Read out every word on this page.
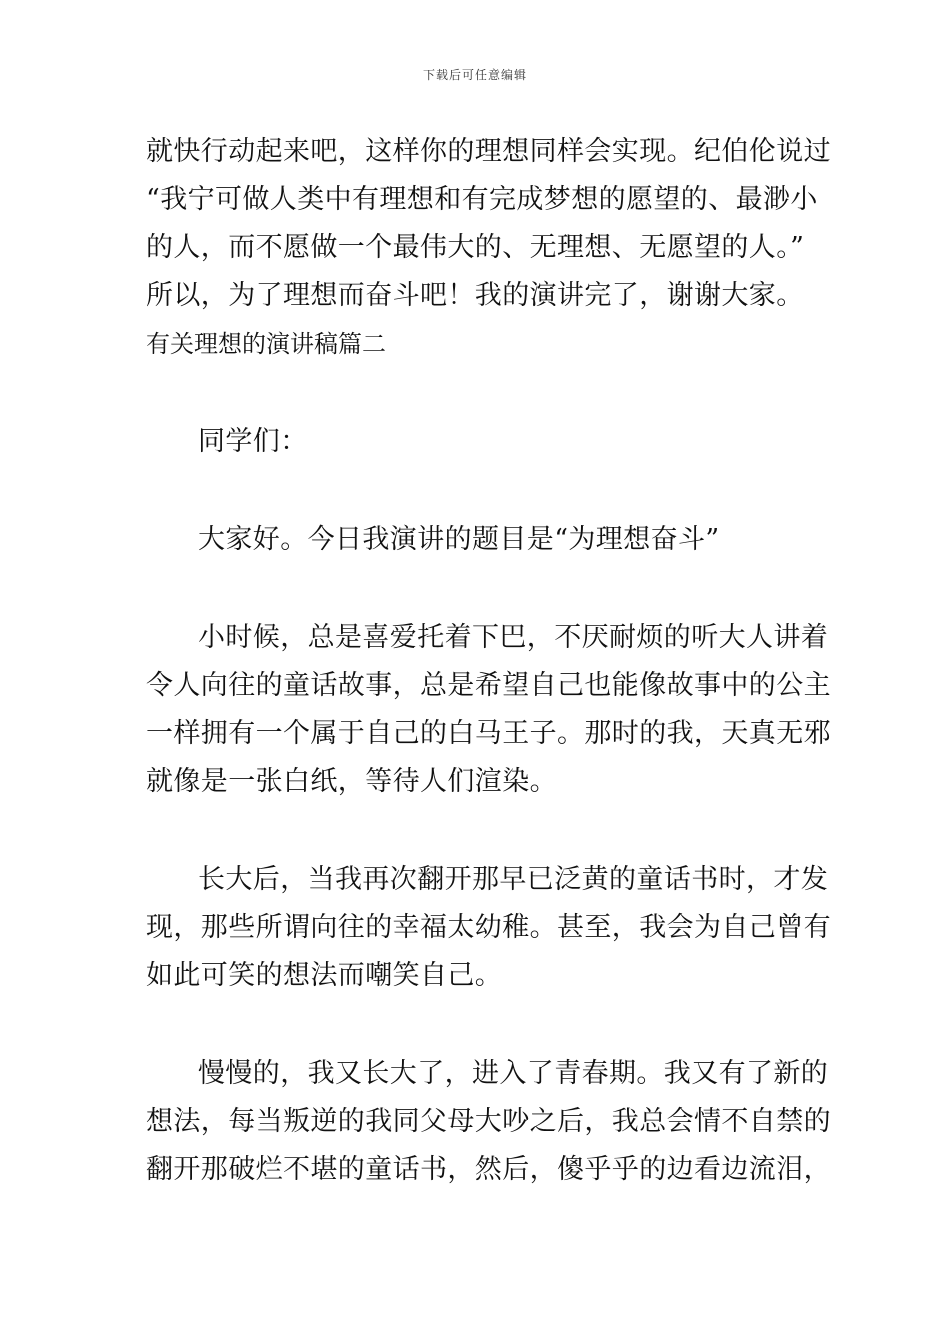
下载后可任意编辑
就快行动起来吧，这样你的理想同样会实现。纪伯伦说过
“我宁可做人类中有理想和有完成梦想的愿望的、最渺小
的人，而不愿做一个最伟大的、无理想、无愿望的人。”
所以，为了理想而奋斗吧！我的演讲完了，谢谢大家。
有关理想的演讲稿篇二
同学们：
大家好。今日我演讲的题目是“为理想奋斗”
小时候，总是喜爱托着下巴，不厌耐烦的听大人讲着
令人向往的童话故事，总是希望自己也能像故事中的公主
一样拥有一个属于自己的白马王子。那时的我，天真无邪
就像是一张白纸，等待人们渲染。
长大后，当我再次翻开那早已泛黄的童话书时，才发
现，那些所谓向往的幸福太幼稚。甚至，我会为自己曾有
如此可笑的想法而嘲笑自己。
慢慢的，我又长大了，进入了青春期。我又有了新的
想法，每当叛逆的我同父母大吵之后，我总会情不自禁的
翻开那破烂不堪的童话书，然后，傻乎乎的边看边流泪，
